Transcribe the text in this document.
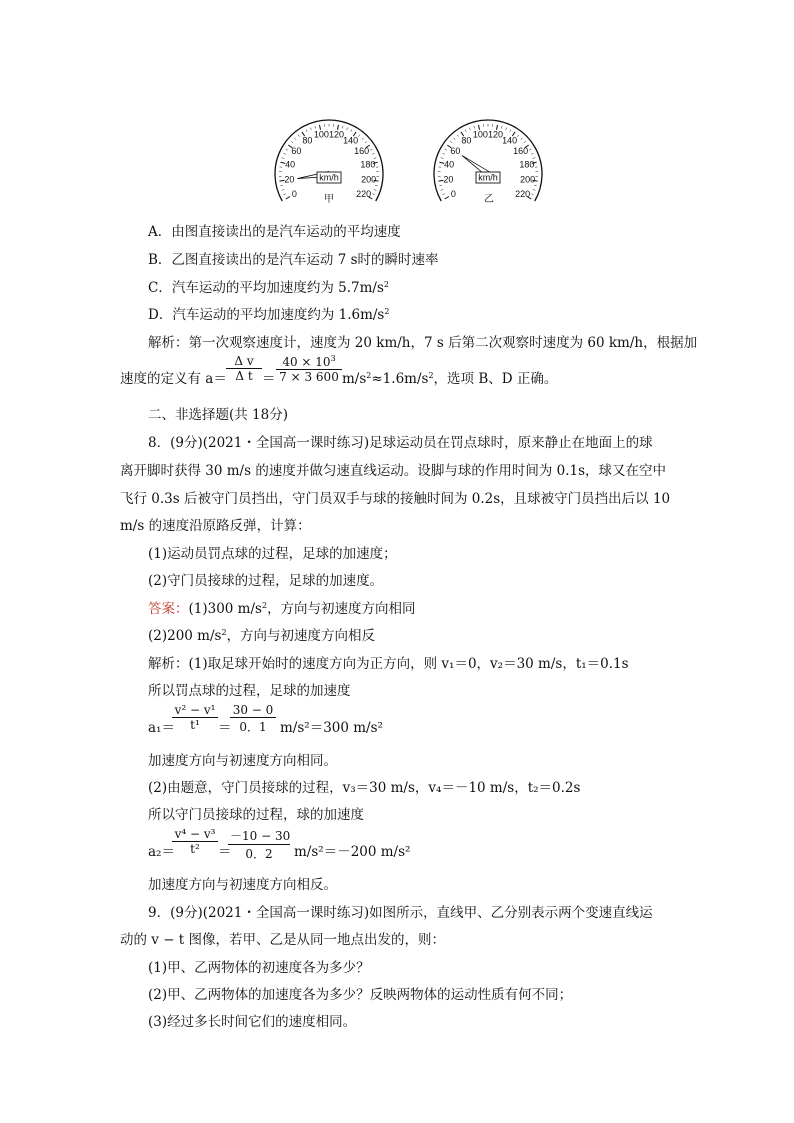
0
20
40
60
80
100 120
140
160
180
200
220
km/h
甲	0
20
40
60
80
100 120
140
160
180
200
220
km/h
乙
A．由图直接读出的是汽车运动的平均速度
B．乙图直接读出的是汽车运动 7 s时的瞬时速率
C．汽车运动的平均加速度约为 $5.7m/s^2$
D．汽车运动的平均加速度约为 $1.6m/s^2$
解析：第一次观察速度计，速度为 20 km/h，7 s 后第二次观察时速度为 60 km/h，根据加
速度的定义有 $a= \frac{\text{Δ v}}{\text{Δ t}} = \frac{40 \times 10^3}{7 \times 3 600} m/s^2\approx 1.6m/s^2$，选项 B、D 正确。
二、非选择题(共 18分)
8．(9分)(2021・全国高一课时练习)足球运动员在罚点球时，原来静止在地面上的球
离开脚时获得 30 m/s 的速度并做匀速直线运动。设脚与球的作用时间为 0.1s，球又在空中
飞行 0.3s 后被守门员挡出，守门员双手与球的接触时间为 0.2s，且球被守门员挡出后以 10
m/s 的速度沿原路反弹，计算：
(1)运动员罚点球的过程，足球的加速度；
(2)守门员接球的过程，足球的加速度。
答案：(1)300 $m/s^2$，方向与初速度方向相同
(2)200 $m/s^2$，方向与初速度方向相反
解析：(1)取足球开始时的速度方向为正方向，则 v₁＝0，v₂＝30 m/s，t₁＝0.1s
所以罚点球的过程，足球的加速度
a₁＝
$\frac{\text{v² − v¹}}{\text{t¹}}$ ＝
$\frac{30 - 0}{0.1} m/s^2=300$ m/s²
加速度方向与初速度方向相同。
(2)由题意，守门员接球的过程，v₃＝30 m/s，v₄＝－10 m/s，t₂＝0.2s
所以守门员接球的过程，球的加速度
a₂＝
$\frac{\text{v⁴ − v³}}{\text{t²}}$ ＝
$\frac{-10 - 30}{0.2} m/s^2=-200$ m/s²
加速度方向与初速度方向相反。
9．(9分)(2021・全国高一课时练习)如图所示，直线甲、乙分别表示两个变速直线运
动的 v − t 图像，若甲、乙是从同一地点出发的，则：
(1)甲、乙两物体的初速度各为多少？
(2)甲、乙两物体的加速度各为多少？反映两物体的运动性质有何不同；
(3)经过多长时间它们的速度相同。
